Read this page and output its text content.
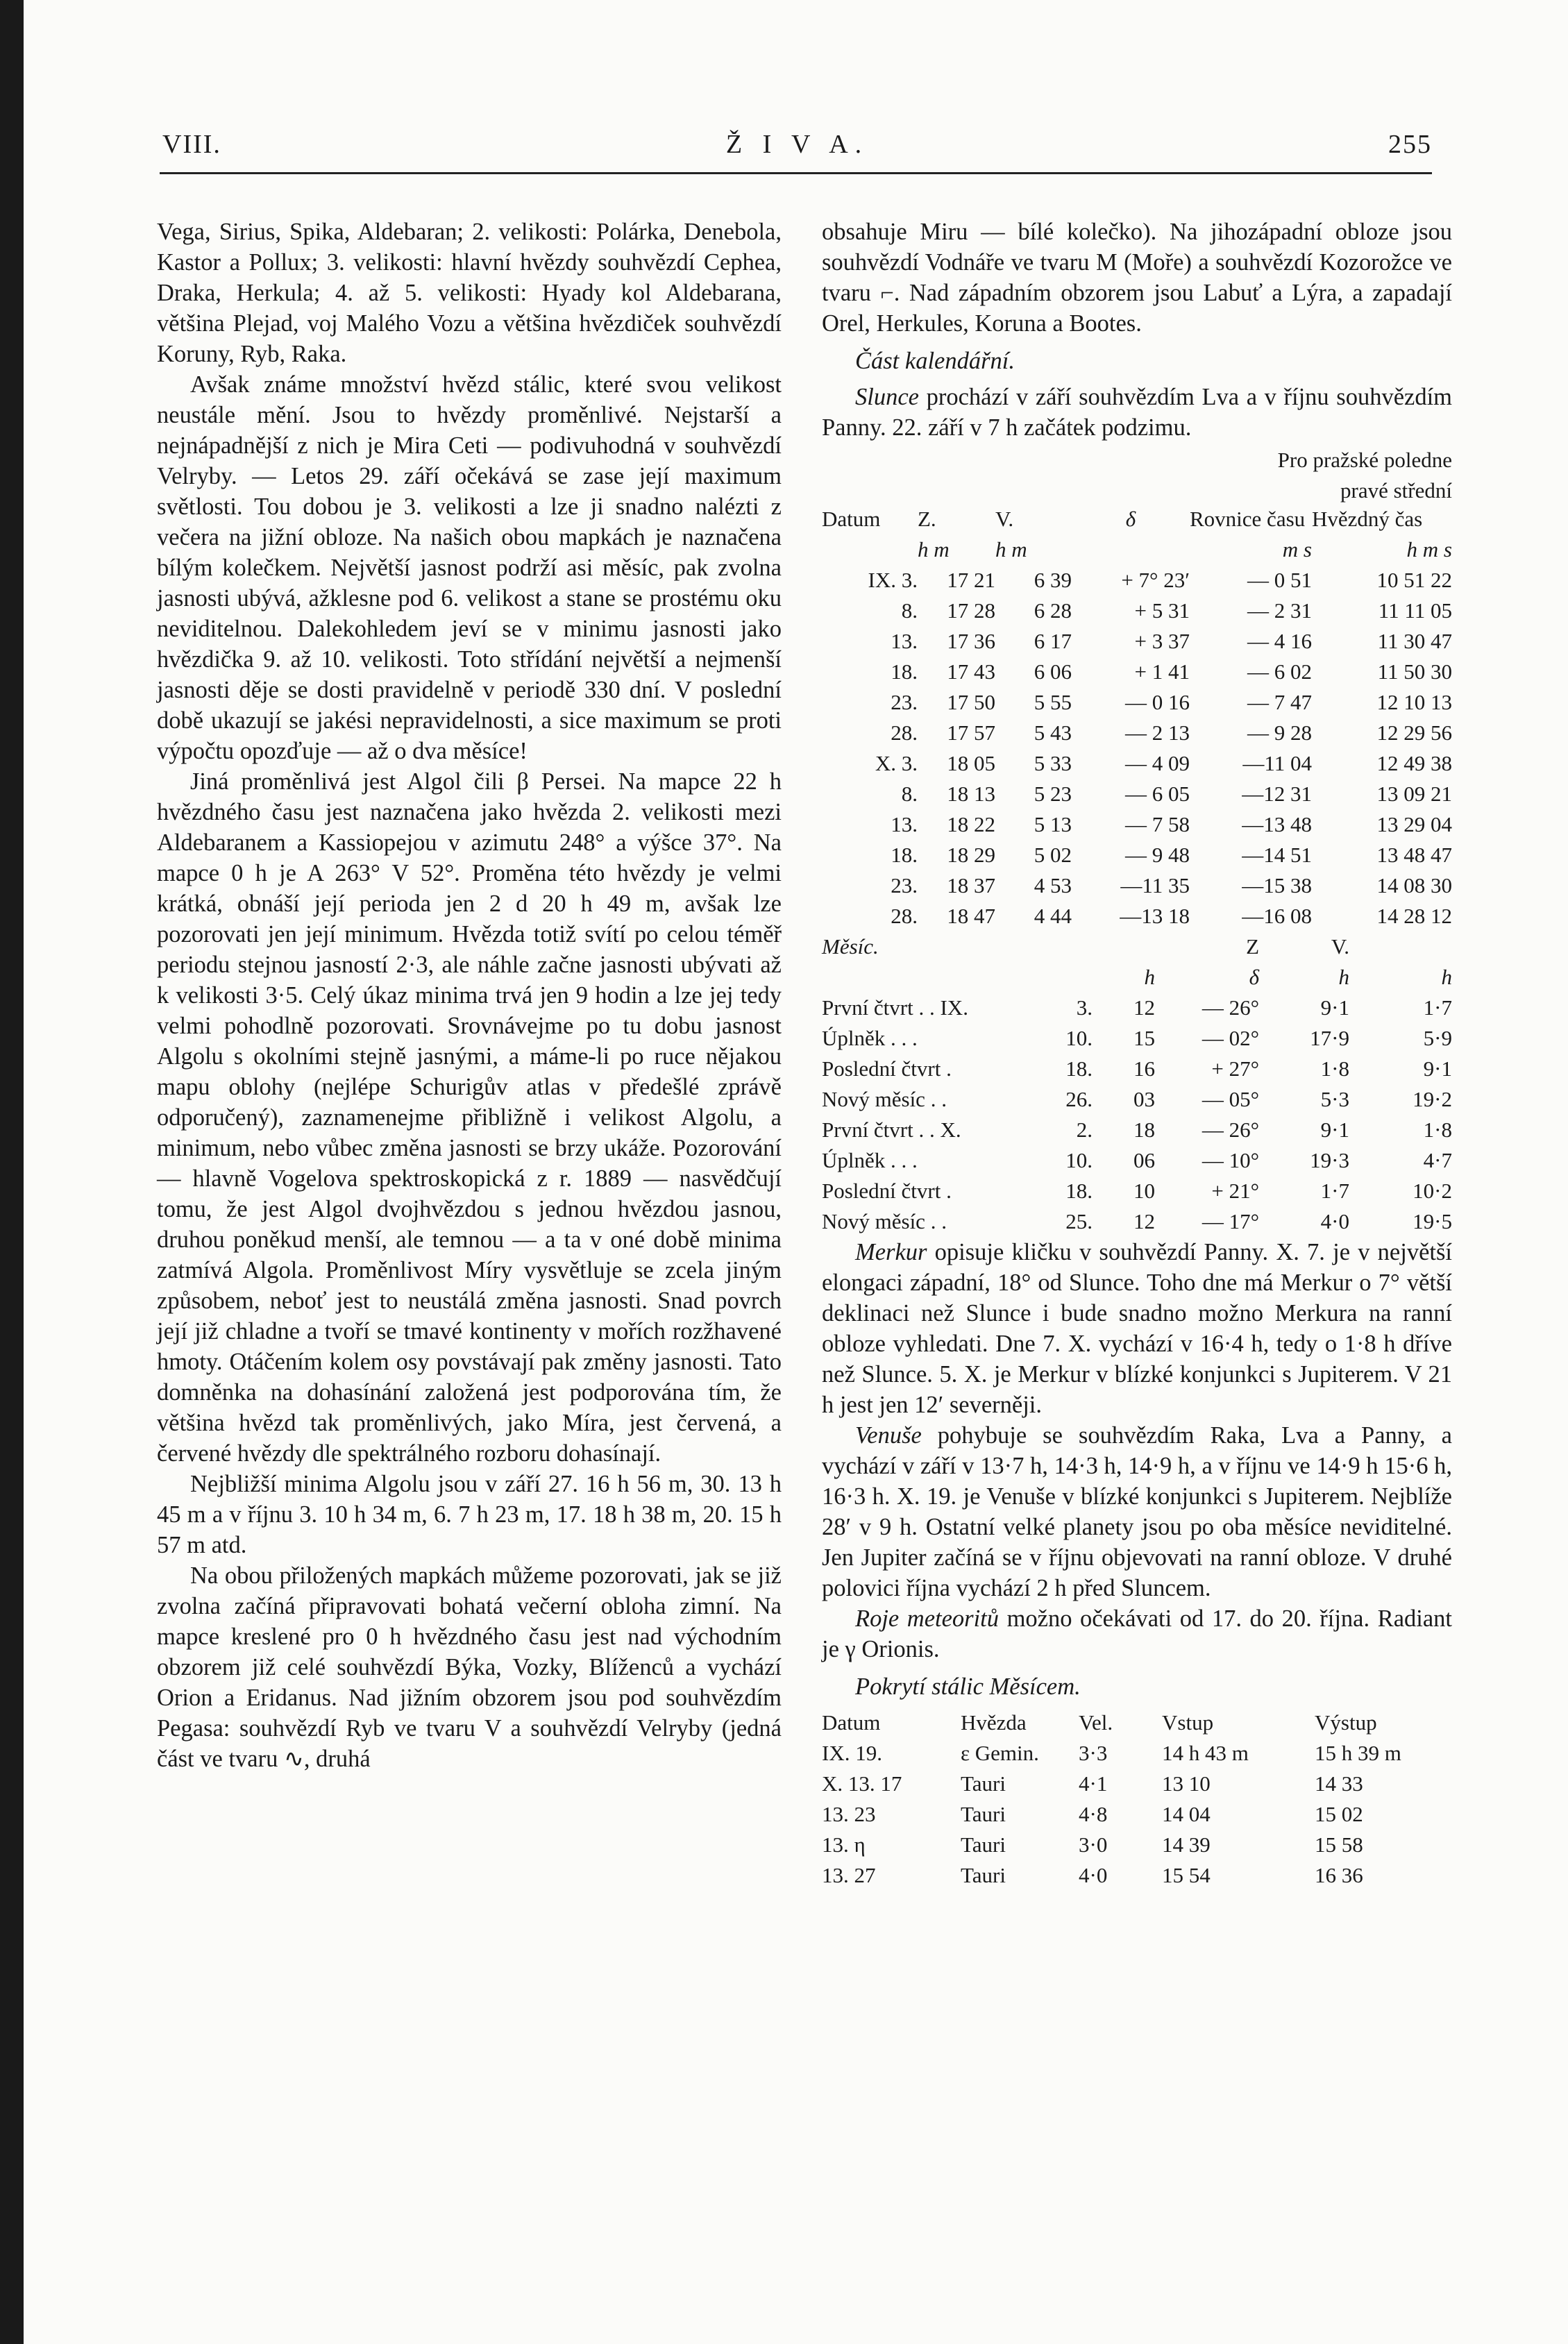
VIII.	Ž I V A.	255

Vega, Sirius, Spika, Aldebaran; 2. velikosti: Polárka, Denebola, Kastor a Pollux; 3. velikosti: hlavní hvězdy souhvězdí Cephea, Draka, Herkula; 4. až 5. velikosti: Hyady kol Aldebarana, většina Plejad, voj Malého Vozu a většina hvězdiček souhvězdí Koruny, Ryb, Raka.

Avšak známe množství hvězd stálic, které svou velikost neustále mění. Jsou to hvězdy proměnlivé. Nejstarší a nejnápadnější z nich je Mira Ceti — podivuhodná v souhvězdí Velryby. — Letos 29. září očekává se zase její maximum světlosti. Tou dobou je 3. velikosti a lze ji snadno nalézti z večera na jižní obloze. Na našich obou mapkách je naznačena bílým kolečkem. Největší jasnost podrží asi měsíc, pak zvolna jasnosti ubývá, ažklesne pod 6. velikost a stane se prostému oku neviditelnou. Dalekohledem jeví se v minimu jasnosti jako hvězdička 9. až 10. velikosti. Toto střídání největší a nejmenší jasnosti děje se dosti pravidelně v periodě 330 dní. V poslední době ukazují se jakési nepravidelnosti, a sice maximum se proti výpočtu opozďuje — až o dva měsíce!

Jiná proměnlivá jest Algol čili β Persei. Na mapce 22 h hvězdného času jest naznačena jako hvězda 2. velikosti mezi Aldebaranem a Kassiopejou v azimutu 248° a výšce 37°. Na mapce 0 h je A 263° V 52°. Proměna této hvězdy je velmi krátká, obnáší její perioda jen 2 d 20 h 49 m, avšak lze pozorovati jen její minimum. Hvězda totiž svítí po celou téměř periodu stejnou jasností 2·3, ale náhle začne jasnosti ubývati až k velikosti 3·5. Celý úkaz minima trvá jen 9 hodin a lze jej tedy velmi pohodlně pozorovati. Srovnávejme po tu dobu jasnost Algolu s okolními stejně jasnými, a máme-li po ruce nějakou mapu oblohy (nejlépe Schurigův atlas v předešlé zprávě odporučený), zaznamenejme přibližně i velikost Algolu, a minimum, nebo vůbec změna jasnosti se brzy ukáže. Pozorování — hlavně Vogelova spektroskopická z r. 1889 — nasvědčují tomu, že jest Algol dvojhvězdou s jednou hvězdou jasnou, druhou poněkud menší, ale temnou — a ta v oné době minima zatmívá Algola. Proměnlivost Míry vysvětluje se zcela jiným způsobem, neboť jest to neustálá změna jasnosti. Snad povrch její již chladne a tvoří se tmavé kontinenty v mořích rozžhavené hmoty. Otáčením kolem osy povstávají pak změny jasnosti. Tato domněnka na dohasínání založená jest podporována tím, že většina hvězd tak proměnlivých, jako Míra, jest červená, a červené hvězdy dle spektrálného rozboru dohasínají.

Nejbližší minima Algolu jsou v září 27. 16 h 56 m, 30. 13 h 45 m a v říjnu 3. 10 h 34 m, 6. 7 h 23 m, 17. 18 h 38 m, 20. 15 h 57 m atd.

Na obou přiložených mapkách můžeme pozorovati, jak se již zvolna začíná připravovati bohatá večerní obloha zimní. Na mapce kreslené pro 0 h hvězdného času jest nad východním obzorem již celé souhvězdí Býka, Vozky, Blíženců a vychází Orion a Eridanus. Nad jižním obzorem jsou pod souhvězdím Pegasa: souhvězdí Ryb ve tvaru V a souhvězdí Velryby (jedná část ve tvaru ∿, druhá

obsahuje Miru — bílé kolečko). Na jihozápadní obloze jsou souhvězdí Vodnáře ve tvaru M (Moře) a souhvězdí Kozorožce ve tvaru ⌐. Nad západním obzorem jsou Labuť a Lýra, a zapadají Orel, Herkules, Koruna a Bootes.

Část kalendářní.

Slunce prochází v září souhvězdím Lva a v říjnu souhvězdím Panny. 22. září v 7 h začátek podzimu.

Pro pražské poledne

pravé střední

Datum	Z.	V.	δ	Rovnice času	Hvězdný čas
	h m	h m		m s	h m s
IX. 3.	17 21	6 39	+ 7° 23′	— 0 51	10 51 22
8.	17 28	6 28	+ 5 31	— 2 31	11 11 05
13.	17 36	6 17	+ 3 37	— 4 16	11 30 47
18.	17 43	6 06	+ 1 41	— 6 02	11 50 30
23.	17 50	5 55	— 0 16	— 7 47	12 10 13
28.	17 57	5 43	— 2 13	— 9 28	12 29 56
X. 3.	18 05	5 33	— 4 09	—11 04	12 49 38
8.	18 13	5 23	— 6 05	—12 31	13 09 21
13.	18 22	5 13	— 7 58	—13 48	13 29 04
18.	18 29	5 02	— 9 48	—14 51	13 48 47
23.	18 37	4 53	—11 35	—15 38	14 08 30
28.	18 47	4 44	—13 18	—16 08	14 28 12
Měsíc.			Z	V.	
		h	δ	h	h
První čtvrt . . IX.	3.	12	— 26°	9·1	1·7
Úplněk . . .	10.	15	— 02°	17·9	5·9
Poslední čtvrt .	18.	16	+ 27°	1·8	9·1
Nový měsíc . .	26.	03	— 05°	5·3	19·2
První čtvrt . . X.	2.	18	— 26°	9·1	1·8
Úplněk . . .	10.	06	— 10°	19·3	4·7
Poslední čtvrt .	18.	10	+ 21°	1·7	10·2
Nový měsíc . .	25.	12	— 17°	4·0	19·5

Merkur opisuje kličku v souhvězdí Panny. X. 7. je v největší elongaci západní, 18° od Slunce. Toho dne má Merkur o 7° větší deklinaci než Slunce i bude snadno možno Merkura na ranní obloze vyhledati. Dne 7. X. vychází v 16·4 h, tedy o 1·8 h dříve než Slunce. 5. X. je Merkur v blízké konjunkci s Jupiterem. V 21 h jest jen 12′ severněji.

Venuše pohybuje se souhvězdím Raka, Lva a Panny, a vychází v září v 13·7 h, 14·3 h, 14·9 h, a v říjnu ve 14·9 h 15·6 h, 16·3 h. X. 19. je Venuše v blízké konjunkci s Jupiterem. Nejblíže 28′ v 9 h. Ostatní velké planety jsou po oba měsíce neviditelné. Jen Jupiter začíná se v říjnu objevovati na ranní obloze. V druhé polovici října vychází 2 h před Sluncem.

Roje meteoritů možno očekávati od 17. do 20. října. Radiant je γ Orionis.

Pokrytí stálic Měsícem.

Datum	Hvězda	Vel.	Vstup	Výstup
IX. 19.	ε Gemin.	3·3	14 h 43 m	15 h 39 m
X. 13. 17	Tauri	4·1	13 10	14 33
13. 23	Tauri	4·8	14 04	15 02
13. η	Tauri	3·0	14 39	15 58
13. 27	Tauri	4·0	15 54	16 36
